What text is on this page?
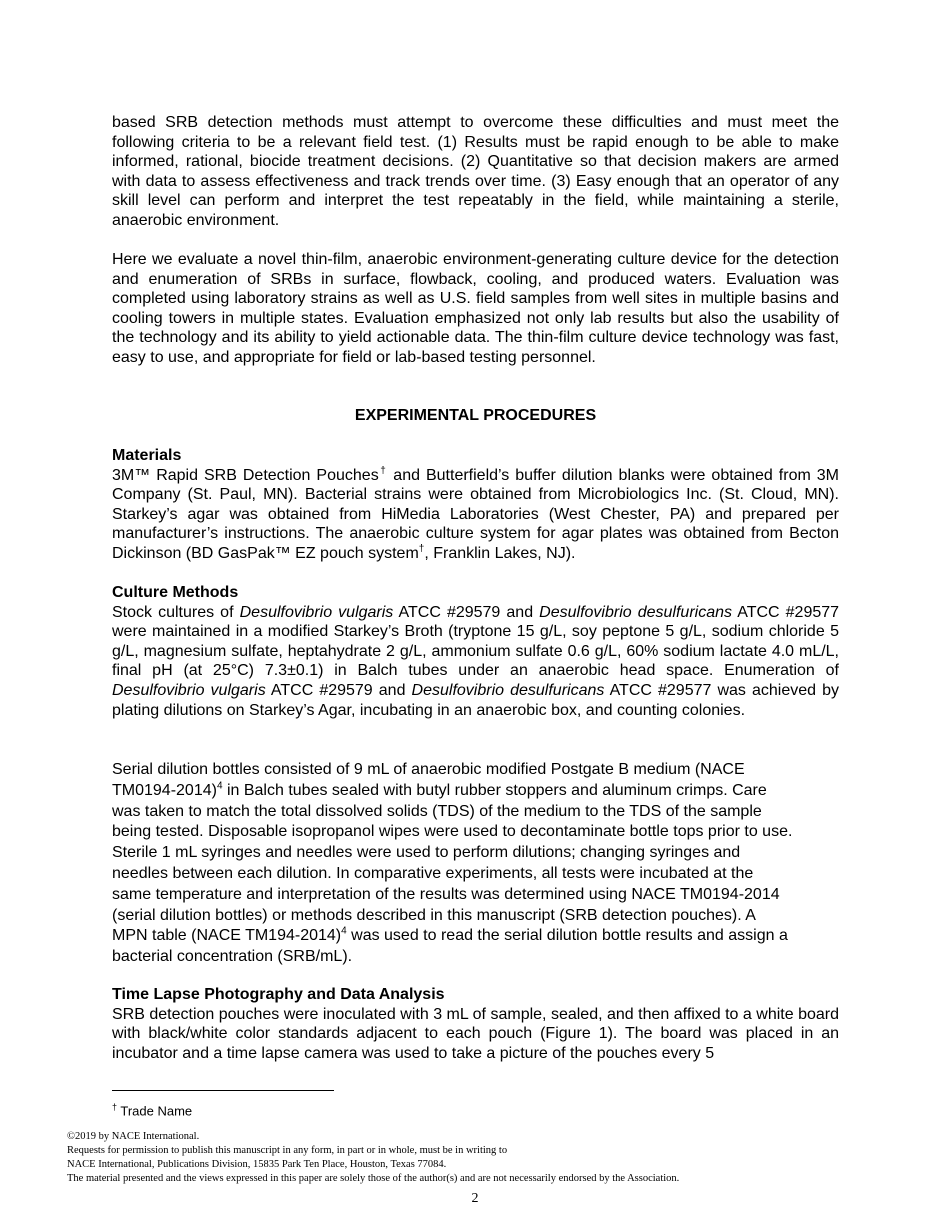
based SRB detection methods must attempt to overcome these difficulties and must meet the following criteria to be a relevant field test. (1) Results must be rapid enough to be able to make informed, rational, biocide treatment decisions. (2) Quantitative so that decision makers are armed with data to assess effectiveness and track trends over time. (3) Easy enough that an operator of any skill level can perform and interpret the test repeatably in the field, while maintaining a sterile, anaerobic environment.

Here we evaluate a novel thin-film, anaerobic environment-generating culture device for the detection and enumeration of SRBs in surface, flowback, cooling, and produced waters. Evaluation was completed using laboratory strains as well as U.S. field samples from well sites in multiple basins and cooling towers in multiple states. Evaluation emphasized not only lab results but also the usability of the technology and its ability to yield actionable data. The thin-film culture device technology was fast, easy to use, and appropriate for field or lab-based testing personnel.

EXPERIMENTAL PROCEDURES
Materials

3M™ Rapid SRB Detection Pouches† and Butterfield’s buffer dilution blanks were obtained from 3M Company (St. Paul, MN). Bacterial strains were obtained from Microbiologics Inc. (St. Cloud, MN). Starkey’s agar was obtained from HiMedia Laboratories (West Chester, PA) and prepared per manufacturer’s instructions. The anaerobic culture system for agar plates was obtained from Becton Dickinson (BD GasPak™ EZ pouch system†, Franklin Lakes, NJ).

Culture Methods

Stock cultures of Desulfovibrio vulgaris ATCC #29579 and Desulfovibrio desulfuricans ATCC #29577 were maintained in a modified Starkey’s Broth (tryptone 15 g/L, soy peptone 5 g/L, sodium chloride 5 g/L, magnesium sulfate, heptahydrate 2 g/L, ammonium sulfate 0.6 g/L, 60% sodium lactate 4.0 mL/L, final pH (at 25°C) 7.3±0.1) in Balch tubes under an anaerobic head space. Enumeration of Desulfovibrio vulgaris ATCC #29579 and Desulfovibrio desulfuricans ATCC #29577 was achieved by plating dilutions on Starkey’s Agar, incubating in an anaerobic box, and counting colonies.

Serial dilution bottles consisted of 9 mL of anaerobic modified Postgate B medium (NACE
TM0194-2014)$^4$ in Balch tubes sealed with butyl rubber stoppers and aluminum crimps. Care
was taken to match the total dissolved solids (TDS) of the medium to the TDS of the sample
being tested. Disposable isopropanol wipes were used to decontaminate bottle tops prior to use.
Sterile 1 mL syringes and needles were used to perform dilutions; changing syringes and
needles between each dilution. In comparative experiments, all tests were incubated at the
same temperature and interpretation of the results was determined using NACE TM0194-2014
(serial dilution bottles) or methods described in this manuscript (SRB detection pouches). A
MPN table (NACE TM194-2014)$^4$ was used to read the serial dilution bottle results and assign a
bacterial concentration (SRB/mL).
Time Lapse Photography and Data Analysis

SRB detection pouches were inoculated with 3 mL of sample, sealed, and then affixed to a white board with black/white color standards adjacent to each pouch (Figure 1). The board was placed in an incubator and a time lapse camera was used to take a picture of the pouches every 5

† Trade Name
©2019 by NACE International.
Requests for permission to publish this manuscript in any form, in part or in whole, must be in writing to
NACE International, Publications Division, 15835 Park Ten Place, Houston, Texas 77084.
The material presented and the views expressed in this paper are solely those of the author(s) and are not necessarily endorsed by the Association.
2
